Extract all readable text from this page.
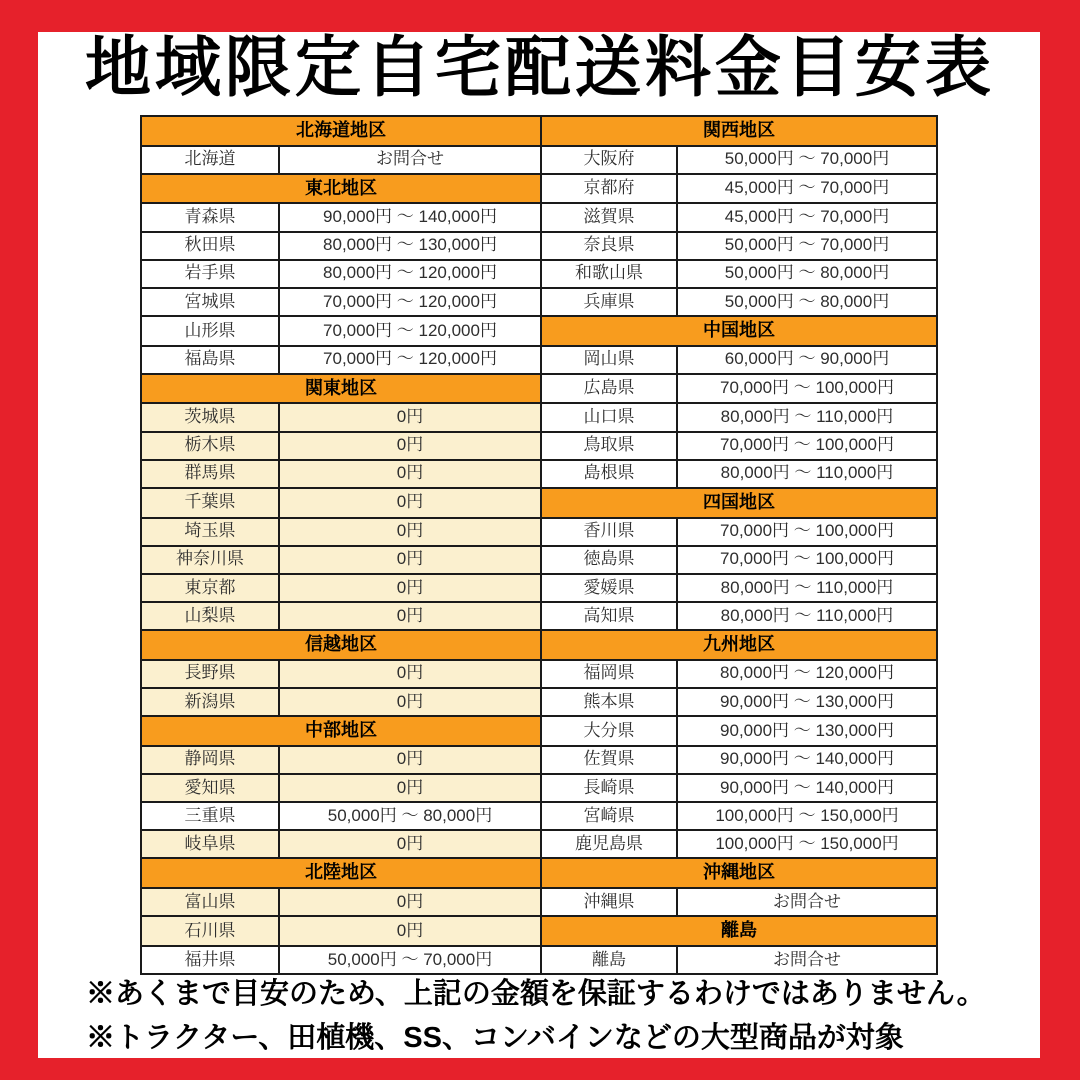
地域限定自宅配送料金目安表
北海道地区		関西地区	
北海道	お問合せ	大阪府	50,000円 ～ 70,000円
東北地区		京都府	45,000円 ～ 70,000円
青森県	90,000円 ～ 140,000円	滋賀県	45,000円 ～ 70,000円
秋田県	80,000円 ～ 130,000円	奈良県	50,000円 ～ 70,000円
岩手県	80,000円 ～ 120,000円	和歌山県	50,000円 ～ 80,000円
宮城県	70,000円 ～ 120,000円	兵庫県	50,000円 ～ 80,000円
山形県	70,000円 ～ 120,000円	中国地区	
福島県	70,000円 ～ 120,000円	岡山県	60,000円 ～ 90,000円
関東地区		広島県	70,000円 ～ 100,000円
茨城県	0円	山口県	80,000円 ～ 110,000円
栃木県	0円	鳥取県	70,000円 ～ 100,000円
群馬県	0円	島根県	80,000円 ～ 110,000円
千葉県	0円	四国地区	
埼玉県	0円	香川県	70,000円 ～ 100,000円
神奈川県	0円	徳島県	70,000円 ～ 100,000円
東京都	0円	愛媛県	80,000円 ～ 110,000円
山梨県	0円	高知県	80,000円 ～ 110,000円
信越地区		九州地区	
長野県	0円	福岡県	80,000円 ～ 120,000円
新潟県	0円	熊本県	90,000円 ～ 130,000円
中部地区		大分県	90,000円 ～ 130,000円
静岡県	0円	佐賀県	90,000円 ～ 140,000円
愛知県	0円	長崎県	90,000円 ～ 140,000円
三重県	50,000円 ～ 80,000円	宮崎県	100,000円 ～ 150,000円
岐阜県	0円	鹿児島県	100,000円 ～ 150,000円
北陸地区		沖縄地区	
富山県	0円	沖縄県	お問合せ
石川県	0円	離島	
福井県	50,000円 ～ 70,000円	離島	お問合せ

※あくまで目安のため、上記の金額を保証するわけではありません。

※トラクター、田植機、SS、コンバインなどの大型商品が対象
